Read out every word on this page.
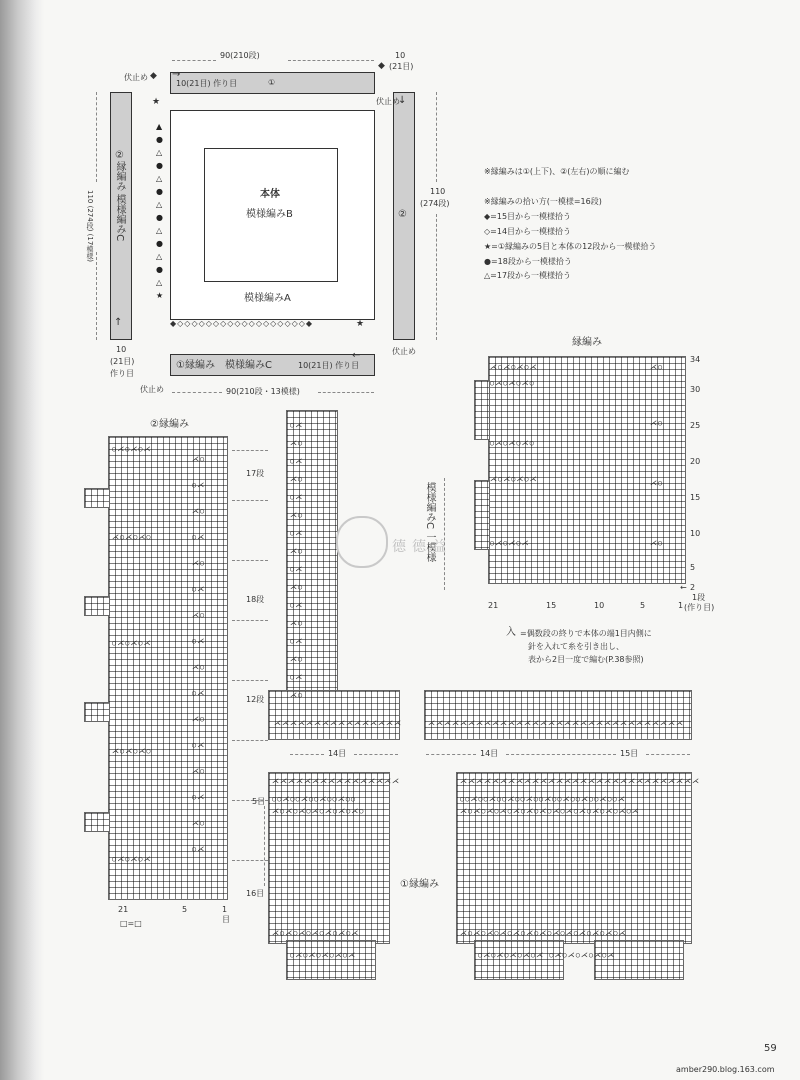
90(210段)	10
(21目)
伏止め
10(21目) 作り目	①
→
②縁編み 模様編みC
↑
110 (274段) (17模様)
↓
②
伏止め
110
(274段)
本体
模様編みB
模様編みA
◆
★
▲
●
△
●
△
●
△
●
△
●
△
●
△
★
◆◇◇◇◇◇◇◇◇◇◇◇◇◇◇◇◇◇◇◆	★
◆
①縁編み　模様編みC	10(21目) 作り目
←
10
(21目)
作り目
伏止め
伏止め
90(210段・13模様)
※縁編みは①(上下)、②(左右)の順に編む
※縁編みの拾い方(一模様=16段)
◆=15目から一模様拾う
◇=14目から一模様拾う
★=①縁編みの5目と本体の12段から一模様拾う
●=18段から一模様拾う
△=17段から一模様拾う
縁編み
⋌○⋌○⋌○⋌
○⋌○⋌○⋌○
○⋌○⋌○⋌○
⋌○⋌○⋌○⋌
○⋌○⋌○⋌
⋌○
⋌○
⋌○
⋌○
34
30
25
20
15
10
5
2
←
1段
(作り目)
21	15	10	5	1
模様編みC 一模様
入 =偶数段の終りで本体の端1目内側に
針を入れて糸を引き出し、
表から2目一度で編む(P.38参照)
②縁編み
○⋌○⋌○⋌
⋌○⋌○⋌○
○⋌○⋌○⋌
⋌○⋌○⋌○
○⋌○⋌○⋌
⋌○
○⋌
⋌○
○⋌
⋌○
○⋌
⋌○
○⋌
⋌○
○⋌
⋌○
○⋌
⋌○
○⋌
⋌○
○⋌
21	5	1
目
□=□
○⋌
⋌○
○⋌
⋌○
○⋌
⋌○
○⋌
⋌○
○⋌
⋌○
○⋌
⋌○
○⋌
⋌○
○⋌
⋌○
⋌⋌⋌⋌⋌⋌⋌⋌⋌⋌⋌⋌⋌⋌⋌⋌	⋌⋌⋌⋌⋌⋌⋌⋌⋌⋌⋌⋌⋌⋌⋌⋌⋌⋌⋌⋌⋌⋌⋌⋌⋌⋌⋌⋌⋌⋌⋌⋌
17段
18段
12段
14目	14目	15目
⋌⋌⋌⋌⋌⋌⋌⋌⋌⋌⋌⋌⋌⋌⋌⋌
○○⋌○○⋌○○⋌○○⋌○○
⋌○⋌○⋌○⋌○⋌○⋌○⋌○
⋌⋌⋌⋌⋌⋌⋌⋌⋌⋌⋌⋌⋌⋌⋌⋌⋌⋌⋌⋌⋌⋌⋌⋌⋌⋌⋌⋌⋌⋌
○○⋌○○⋌○○⋌○○⋌○○⋌○○⋌○○⋌○○⋌○○⋌
⋌○⋌○⋌○⋌○⋌○⋌○⋌○⋌○⋌○⋌○⋌○⋌○⋌○⋌
⋌○⋌○⋌○⋌○⋌○⋌○⋌	⋌○⋌○⋌○⋌○⋌○⋌○⋌○⋌○⋌○⋌○⋌○⋌○⋌
○⋌○⋌○⋌○⋌○⋌	○⋌○⋌○⋌○⋌○⋌ ○⋌○⋌○⋌○⋌○⋌
①縁編み
5目
16目
德德益
59
amber290.blog.163.com
